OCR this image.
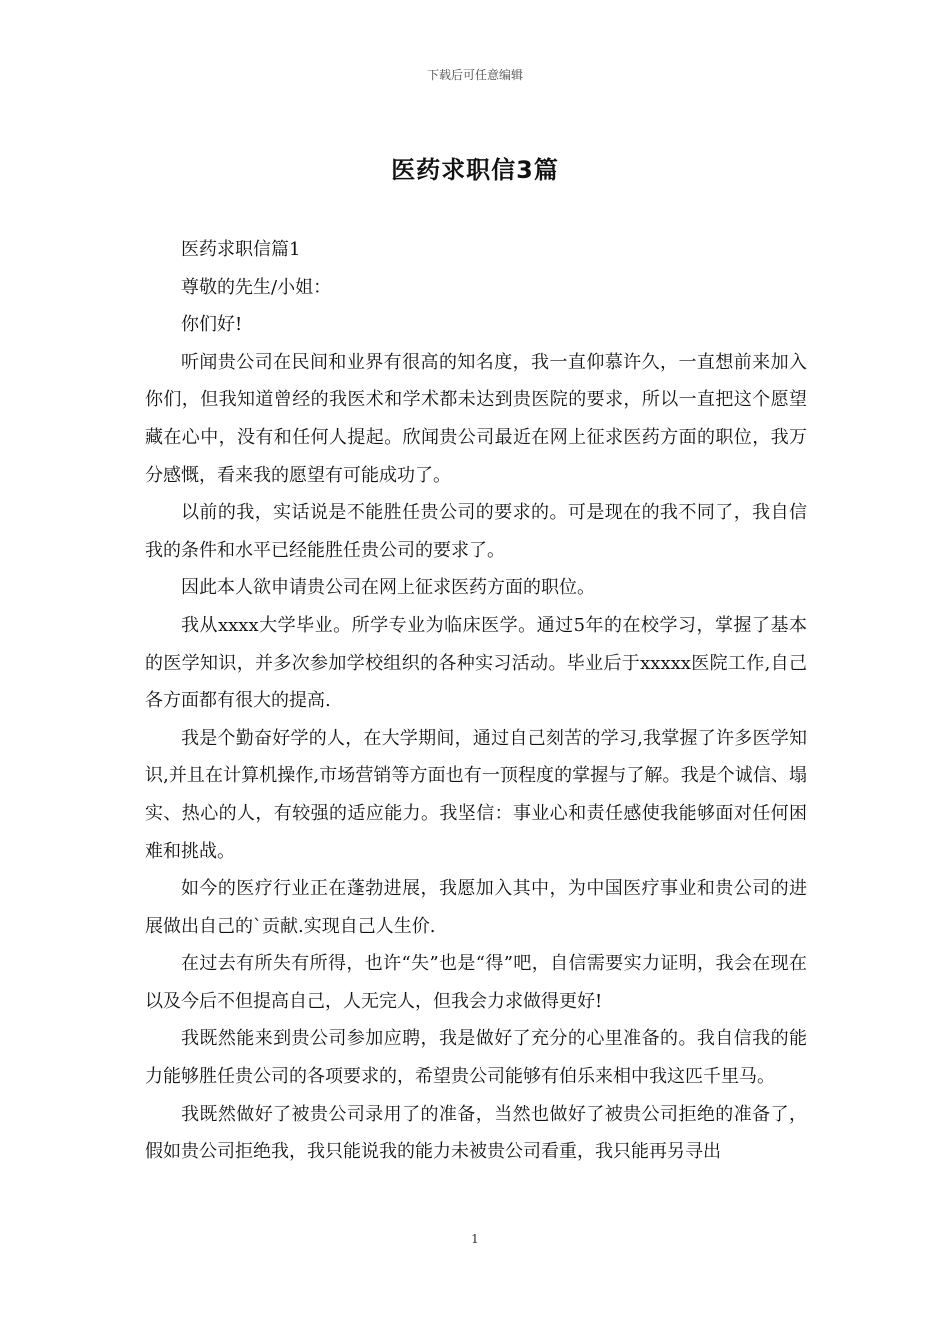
下载后可任意编辑
医药求职信3篇

医药求职信篇1

尊敬的先生/小姐：

你们好!

听闻贵公司在民间和业界有很高的知名度，我一直仰慕许久，一直想前来加入你们，但我知道曾经的我医术和学术都未达到贵医院的要求，所以一直把这个愿望藏在心中，没有和任何人提起。欣闻贵公司最近在网上征求医药方面的职位，我万分感慨，看来我的愿望有可能成功了。

以前的我，实话说是不能胜任贵公司的要求的。可是现在的我不同了，我自信我的条件和水平已经能胜任贵公司的要求了。

因此本人欲申请贵公司在网上征求医药方面的职位。

我从xxxx大学毕业。所学专业为临床医学。通过5年的在校学习，掌握了基本的医学知识，并多次参加学校组织的各种实习活动。毕业后于xxxxx医院工作,自己各方面都有很大的提高.

我是个勤奋好学的人，在大学期间，通过自己刻苦的学习,我掌握了许多医学知识,并且在计算机操作,市场营销等方面也有一顶程度的掌握与了解。我是个诚信、塌实、热心的人，有较强的适应能力。我坚信：事业心和责任感使我能够面对任何困难和挑战。

如今的医疗行业正在蓬勃进展，我愿加入其中，为中国医疗事业和贵公司的进展做出自己的`贡献.实现自己人生价.

在过去有所失有所得，也许“失”也是“得”吧，自信需要实力证明，我会在现在以及今后不但提高自己，人无完人，但我会力求做得更好!

我既然能来到贵公司参加应聘，我是做好了充分的心里准备的。我自信我的能力能够胜任贵公司的各项要求的，希望贵公司能够有伯乐来相中我这匹千里马。

我既然做好了被贵公司录用了的准备，当然也做好了被贵公司拒绝的准备了，假如贵公司拒绝我，我只能说我的能力未被贵公司看重，我只能再另寻出

1
